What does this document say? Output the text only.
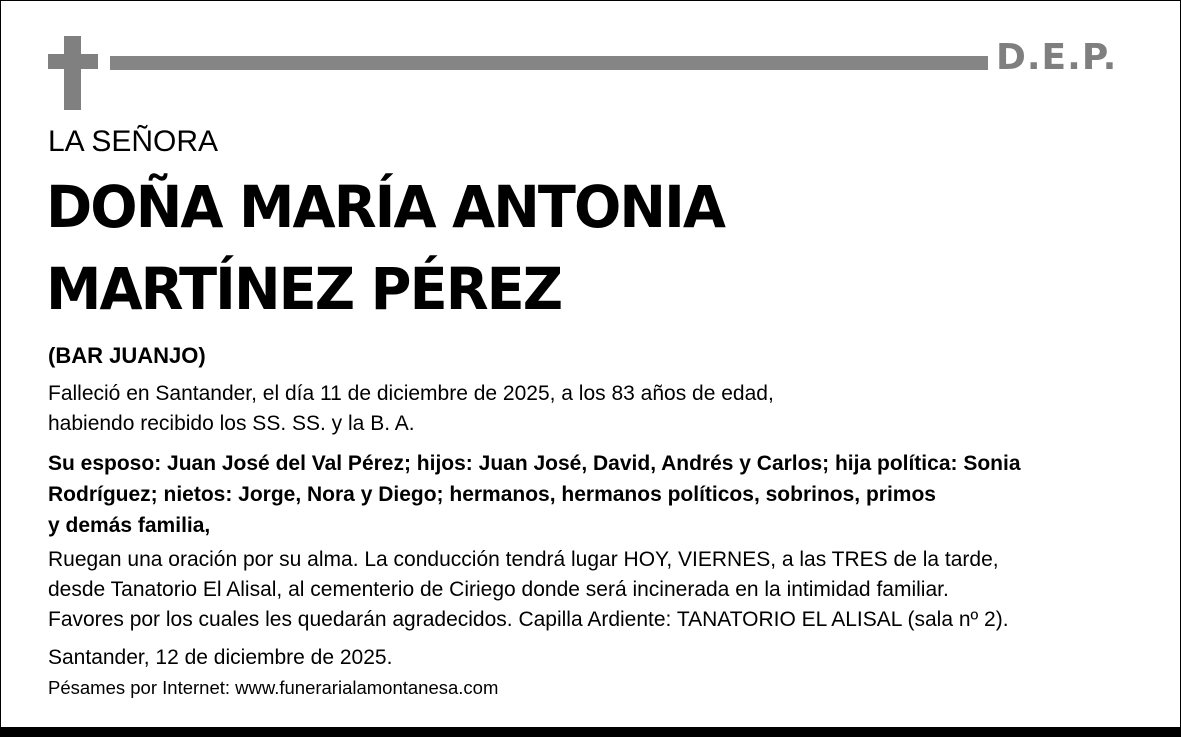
D.E.P.
LA SEÑORA
DOÑA MARÍA ANTONIA
MARTÍNEZ PÉREZ
(BAR JUANJO)
Falleció en Santander, el día 11 de diciembre de 2025, a los 83 años de edad,
habiendo recibido los SS. SS. y la B. A.
Su esposo: Juan José del Val Pérez; hijos: Juan José, David, Andrés y Carlos; hija política: Sonia
Rodríguez; nietos: Jorge, Nora y Diego; hermanos, hermanos políticos, sobrinos, primos
y demás familia,
Ruegan una oración por su alma. La conducción tendrá lugar HOY, VIERNES, a las TRES de la tarde,
desde Tanatorio El Alisal, al cementerio de Ciriego donde será incinerada en la intimidad familiar.
Favores por los cuales les quedarán agradecidos. Capilla Ardiente: TANATORIO EL ALISAL (sala nº 2).
Santander, 12 de diciembre de 2025.
Pésames por Internet: www.funerarialamontanesa.com
